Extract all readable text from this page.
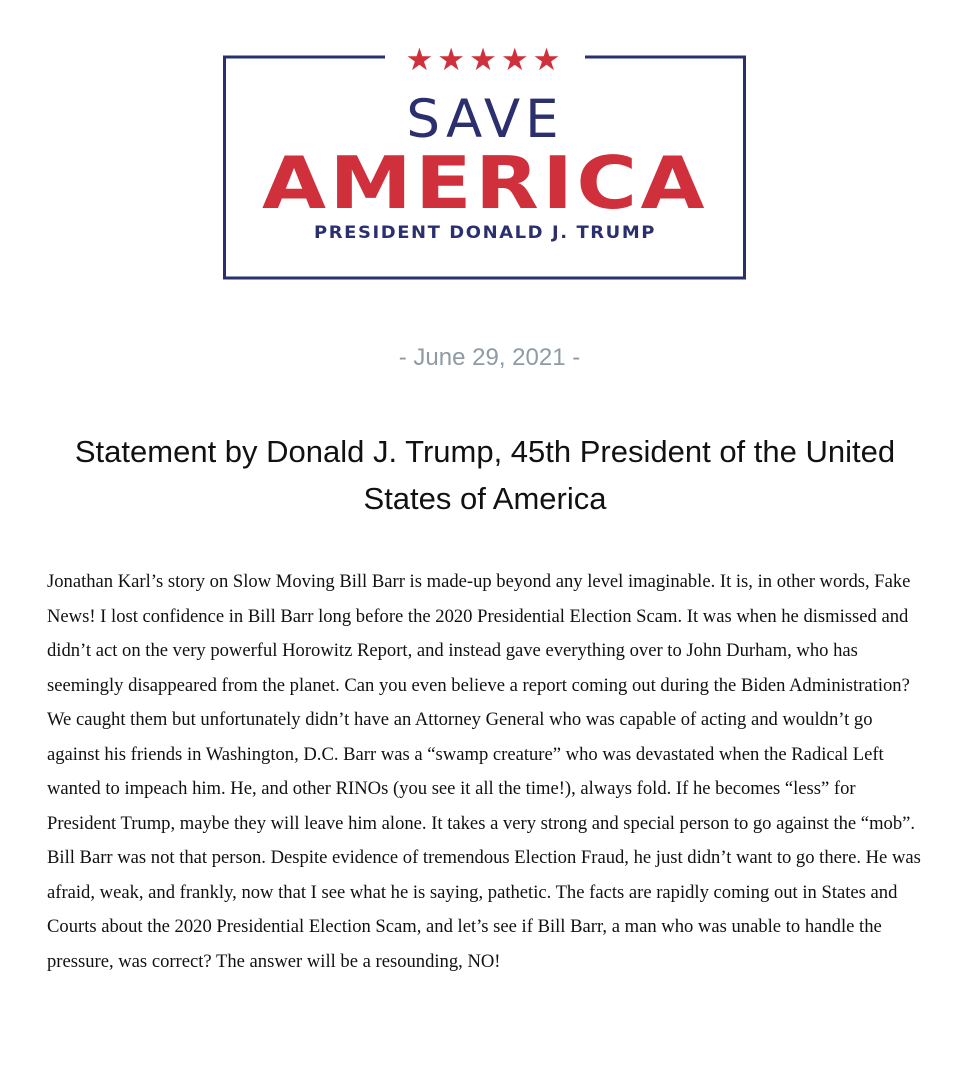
★★★★★
SAVE
AMERICA
PRESIDENT DONALD J. TRUMP
- June 29, 2021 -
Statement by Donald J. Trump, 45th President of the United States of America

Jonathan Karl’s story on Slow Moving Bill Barr is made-up beyond any level imaginable. It is, in other words, Fake News! I lost confidence in Bill Barr long before the 2020 Presidential Election Scam. It was when he dismissed and didn’t act on the very powerful Horowitz Report, and instead gave everything over to John Durham, who has seemingly disappeared from the planet. Can you even believe a report coming out during the Biden Administration? We caught them but unfortunately didn’t have an Attorney General who was capable of acting and wouldn’t go against his friends in Washington, D.C. Barr was a “swamp creature” who was devastated when the Radical Left wanted to impeach him. He, and other RINOs (you see it all the time!), always fold. If he becomes “less” for President Trump, maybe they will leave him alone. It takes a very strong and special person to go against the “mob”. Bill Barr was not that person. Despite evidence of tremendous Election Fraud, he just didn’t want to go there. He was afraid, weak, and frankly, now that I see what he is saying, pathetic. The facts are rapidly coming out in States and Courts about the 2020 Presidential Election Scam, and let’s see if Bill Barr, a man who was unable to handle the pressure, was correct? The answer will be a resounding, NO!
